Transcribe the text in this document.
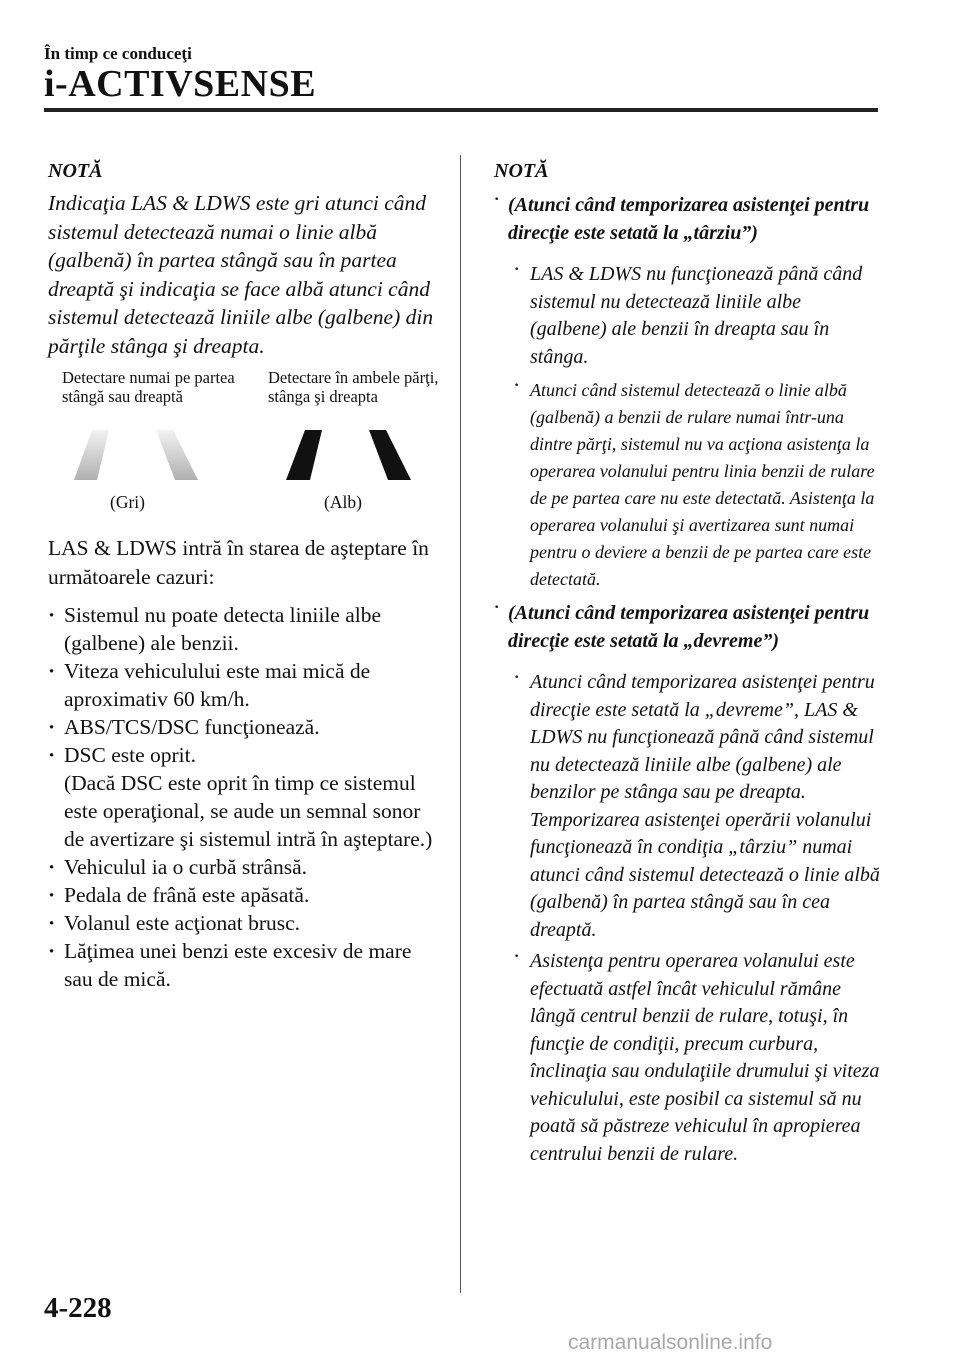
În timp ce conduceţi
i-ACTIVSENSE

NOTĂ

Indicaţia LAS & LDWS este gri atunci când sistemul detectează numai o linie albă (galbenă) în partea stângă sau în partea dreaptă şi indicaţia se face albă atunci când sistemul detectează liniile albe (galbene) din părţile stânga şi dreapta.

Detectare numai pe partea stângă sau dreaptă

Detectare în ambele părţi, stânga şi dreapta

(Gri)	(Alb)

LAS & LDWS intră în starea de aşteptare în următoarele cazuri:

· Sistemul nu poate detecta liniile albe (galbene) ale benzii.
· Viteza vehiculului este mai mică de aproximativ 60 km/h.
· ABS/TCS/DSC funcţionează.
· DSC este oprit.
(Dacă DSC este oprit în timp ce sistemul este operaţional, se aude un semnal sonor de avertizare şi sistemul intră în aşteptare.)
· Vehiculul ia o curbă strânsă.
· Pedala de frână este apăsată.
· Volanul este acţionat brusc.
· Lăţimea unei benzi este excesiv de mare sau de mică.

NOTĂ

· (Atunci când temporizarea asistenţei pentru direcţie este setată la „târziu”)

· LAS & LDWS nu funcţionează până când sistemul nu detectează liniile albe (galbene) ale benzii în dreapta sau în stânga.

· Atunci când sistemul detectează o linie albă (galbenă) a benzii de rulare numai într-una dintre părţi, sistemul nu va acţiona asistenţa la operarea volanului pentru linia benzii de rulare de pe partea care nu este detectată. Asistenţa la operarea volanului şi avertizarea sunt numai pentru o deviere a benzii de pe partea care este detectată.

· (Atunci când temporizarea asistenţei pentru direcţie este setată la „devreme”)

· Atunci când temporizarea asistenţei pentru direcţie este setată la „devreme”, LAS & LDWS nu funcţionează până când sistemul nu detectează liniile albe (galbene) ale benzilor pe stânga sau pe dreapta. Temporizarea asistenţei operării volanului funcţionează în condiţia „târziu” numai atunci când sistemul detectează o linie albă (galbenă) în partea stângă sau în cea dreaptă.

· Asistenţa pentru operarea volanului este efectuată astfel încât vehiculul rămâne lângă centrul benzii de rulare, totuşi, în funcţie de condiţii, precum curbura, înclinaţia sau ondulaţiile drumului şi viteza vehiculului, este posibil ca sistemul să nu poată să păstreze vehiculul în apropierea centrului benzii de rulare.

4-228
carmanualsonline.info
